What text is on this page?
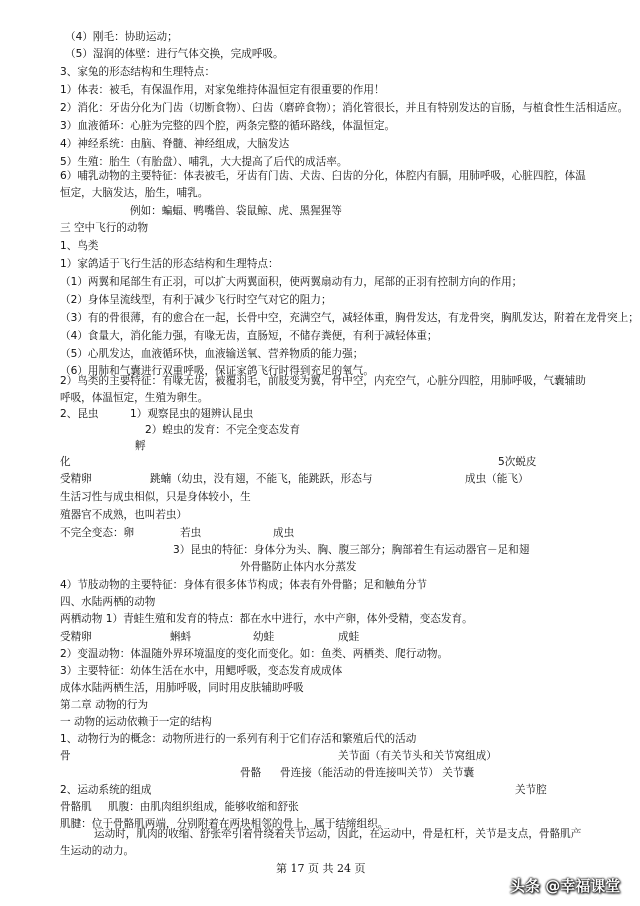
（4）刚毛：协助运动；
（5）湿润的体壁：进行气体交换，完成呼吸。
3、家兔的形态结构和生理特点：
1）体表：被毛，有保温作用，对家兔维持体温恒定有很重要的作用！
2）消化：牙齿分化为门齿（切断食物）、臼齿（磨碎食物）；消化管很长，并且有特别发达的盲肠，与植食性生活相适应。
3）血液循环：心脏为完整的四个腔，两条完整的循环路线，体温恒定。
4）神经系统：由脑、脊髓、神经组成，大脑发达
5）生殖：胎生（有胎盘）、哺乳，大大提高了后代的成活率。
6）哺乳动物的主要特征：体表被毛，牙齿有门齿、犬齿、臼齿的分化，体腔内有膈，用肺呼吸，心脏四腔，体温恒定，大脑发达，胎生，哺乳。
例如：蝙蝠、鸭嘴兽、袋鼠鲸、虎、黑猩猩等
三 空中飞行的动物
1、鸟类
1）家鸽适于飞行生活的形态结构和生理特点：
（1）两翼和尾部生有正羽，可以扩大两翼面积，使两翼扇动有力，尾部的正羽有控制方向的作用；
（2）身体呈流线型，有利于减少飞行时空气对它的阻力；
（3）有的骨很薄，有的愈合在一起，长骨中空，充满空气，减轻体重，胸骨发达，有龙骨突，胸肌发达，附着在龙骨突上；
（4）食量大，消化能力强，有喙无齿，直肠短，不储存粪便，有利于减轻体重；
（5）心肌发达，血液循环快，血液输送氧、营养物质的能力强；
（6）用肺和气囊进行双重呼吸，保证家鸽飞行时得到充足的氧气。
2）鸟类的主要特征：有喙无齿，被覆羽毛，前肢变为翼，骨中空，内充空气，心脏分四腔，用肺呼吸，气囊辅助呼吸，体温恒定，生殖为卵生。
2、昆虫	1）观察昆虫的翅辨认昆虫
2）蝗虫的发育：不完全变态发育
孵
化	5次蜕皮
受精卵	跳蝻（幼虫，没有翅，不能飞，能跳跃，形态与	成虫（能飞）
生活习性与成虫相似，只是身体较小，生
殖器官不成熟，也叫若虫）
不完全变态：卵	若虫	成虫
3）昆虫的特征：身体分为头、胸、腹三部分；胸部着生有运动器官－足和翅
外骨骼防止体内水分蒸发
4）节肢动物的主要特征：身体有很多体节构成；体表有外骨骼；足和触角分节
四、水陆两栖的动物
两栖动物 1）青蛙生殖和发育的特点：都在水中进行，水中产卵，体外受精，变态发育。
受精卵	蝌蚪	幼蛙	成蛙
2）变温动物：体温随外界环境温度的变化而变化。如：鱼类、两栖类、爬行动物。
3）主要特征：幼体生活在水中，用鳃呼吸，变态发育成成体
成体水陆两栖生活，用肺呼吸，同时用皮肤辅助呼吸
第二章 动物的行为
一 动物的运动依赖于一定的结构
1、动物行为的概念：动物所进行的一系列有利于它们存活和繁殖后代的活动
骨	关节面（有关节头和关节窝组成）
骨骼 骨连接（能活动的骨连接叫关节） 关节囊
2、运动系统的组成	关节腔
骨骼肌 肌腹：由肌肉组织组成，能够收缩和舒张
肌腱：位于骨骼肌两端，分别附着在两块相邻的骨上，属于结缔组织。
运动时，肌肉的收缩、舒张牵引着骨绕着关节运动，因此，在运动中，骨是杠杆，关节是支点，骨骼肌产生运动的动力。
第 17 页 共 24 页
头条 @幸福课堂
